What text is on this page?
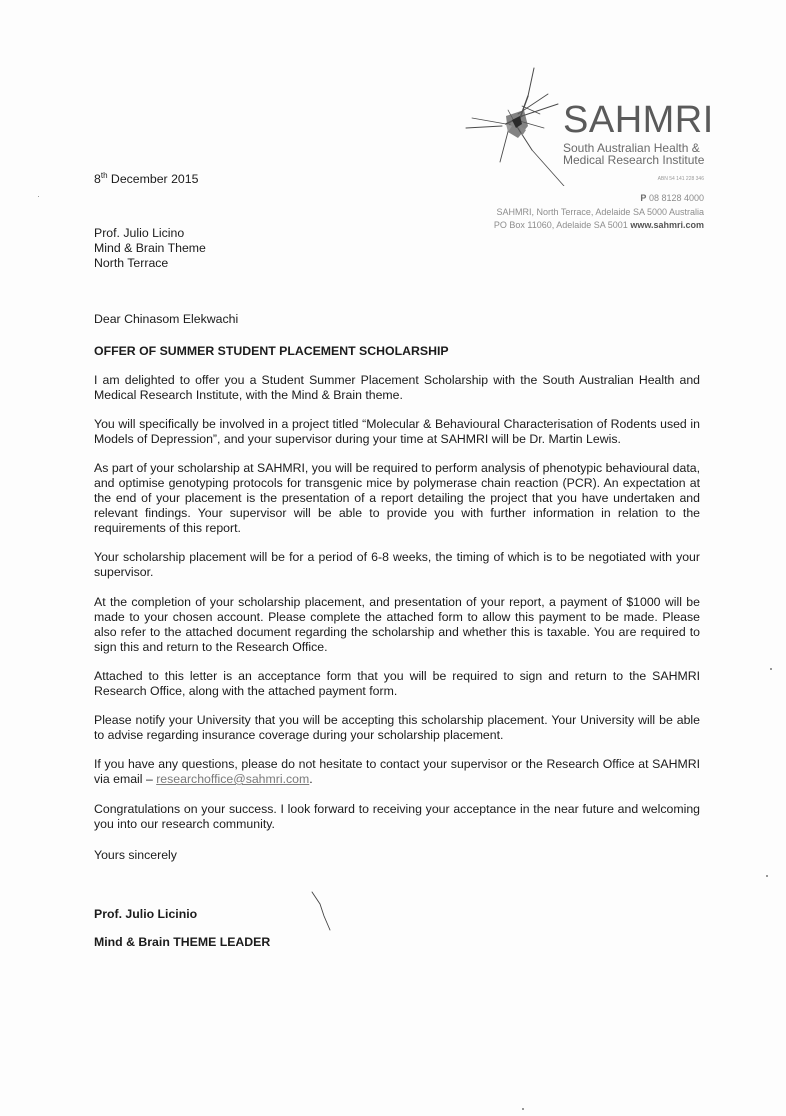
SAHMRI
South Australian Health &
Medical Research Institute
ABN 54 141 228 346
P 08 8128 4000
SAHMRI, North Terrace, Adelaide SA 5000 Australia
PO Box 11060, Adelaide SA 5001 www.sahmri.com
8th December 2015
Prof. Julio Licino
Mind & Brain Theme
North Terrace
Dear Chinasom Elekwachi
OFFER OF SUMMER STUDENT PLACEMENT SCHOLARSHIP
I am delighted to offer you a Student Summer Placement Scholarship with the South Australian Health and Medical Research Institute, with the Mind & Brain theme.
You will specifically be involved in a project titled “Molecular & Behavioural Characterisation of Rodents used in Models of Depression”, and your supervisor during your time at SAHMRI will be Dr. Martin Lewis.
As part of your scholarship at SAHMRI, you will be required to perform analysis of phenotypic behavioural data, and optimise genotyping protocols for transgenic mice by polymerase chain reaction (PCR). An expectation at the end of your placement is the presentation of a report detailing the project that you have undertaken and relevant findings. Your supervisor will be able to provide you with further information in relation to the requirements of this report.
Your scholarship placement will be for a period of 6-8 weeks, the timing of which is to be negotiated with your supervisor.
At the completion of your scholarship placement, and presentation of your report, a payment of $1000 will be made to your chosen account. Please complete the attached form to allow this payment to be made. Please also refer to the attached document regarding the scholarship and whether this is taxable. You are required to sign this and return to the Research Office.
Attached to this letter is an acceptance form that you will be required to sign and return to the SAHMRI Research Office, along with the attached payment form.
Please notify your University that you will be accepting this scholarship placement. Your University will be able to advise regarding insurance coverage during your scholarship placement.
If you have any questions, please do not hesitate to contact your supervisor or the Research Office at SAHMRI via email – researchoffice@sahmri.com.
Congratulations on your success. I look forward to receiving your acceptance in the near future and welcoming you into our research community.
Yours sincerely
Prof. Julio Licinio
Mind & Brain THEME LEADER
